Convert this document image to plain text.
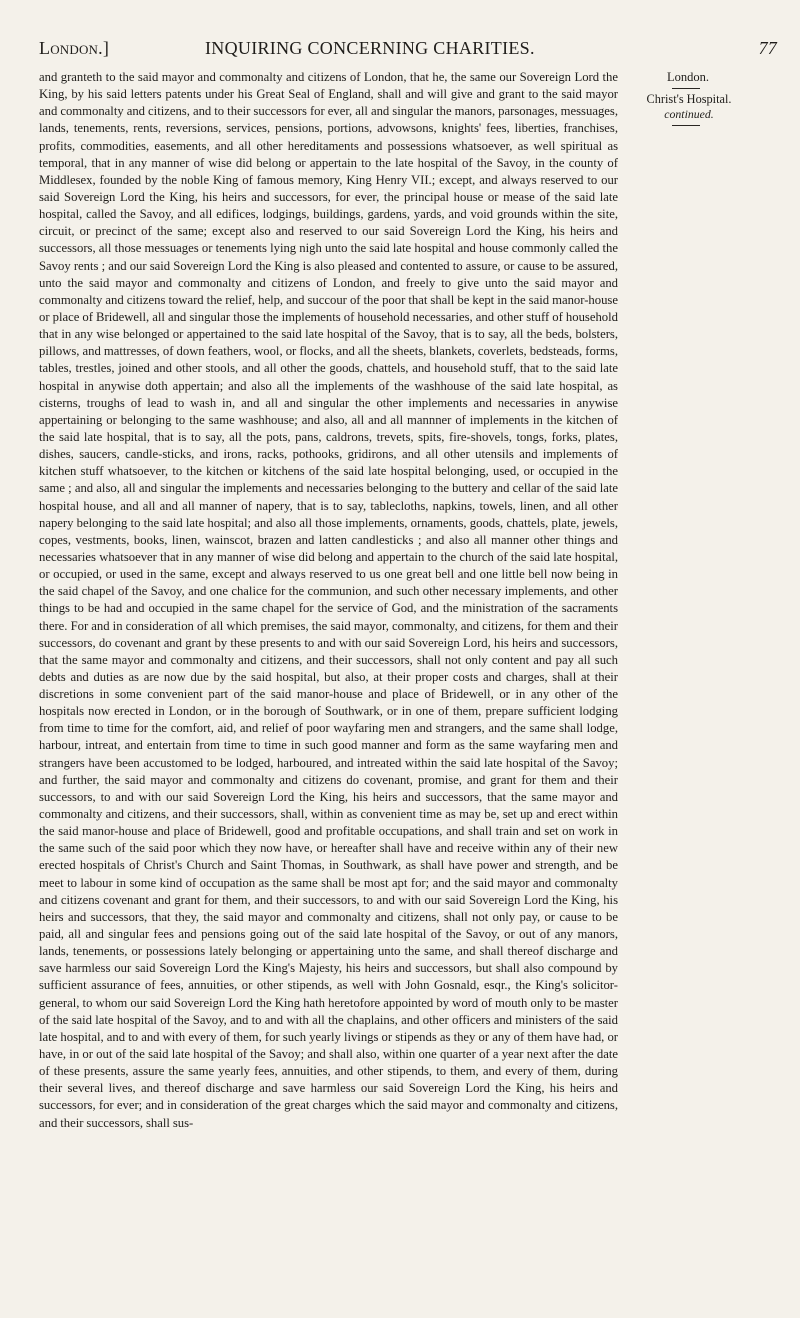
London.]	INQUIRING CONCERNING CHARITIES.	77

and granteth to the said mayor and commonalty and citizens of London, that he, the same our Sovereign Lord the King, by his said letters patents under his Great Seal of England, shall and will give and grant to the said mayor and commonalty and citizens, and to their successors for ever, all and singular the manors, parsonages, messuages, lands, tenements, rents, reversions, services, pensions, portions, advowsons, knights' fees, liberties, franchises, profits, commodities, easements, and all other hereditaments and possessions whatsoever, as well spiritual as temporal, that in any manner of wise did belong or appertain to the late hospital of the Savoy, in the county of Middlesex, founded by the noble King of famous memory, King Henry VII.; except, and always reserved to our said Sovereign Lord the King, his heirs and successors, for ever, the principal house or mease of the said late hospital, called the Savoy, and all edifices, lodgings, buildings, gardens, yards, and void grounds within the site, circuit, or precinct of the same; except also and reserved to our said Sovereign Lord the King, his heirs and successors, all those messuages or tenements lying nigh unto the said late hospital and house commonly called the Savoy rents ; and our said Sovereign Lord the King is also pleased and contented to assure, or cause to be assured, unto the said mayor and commonalty and citizens of London, and freely to give unto the said mayor and commonalty and citizens toward the relief, help, and succour of the poor that shall be kept in the said manor-house or place of Bridewell, all and singular those the implements of household necessaries, and other stuff of household that in any wise belonged or appertained to the said late hospital of the Savoy, that is to say, all the beds, bolsters, pillows, and mattresses, of down feathers, wool, or flocks, and all the sheets, blankets, coverlets, bedsteads, forms, tables, trestles, joined and other stools, and all other the goods, chattels, and household stuff, that to the said late hospital in anywise doth appertain; and also all the implements of the washhouse of the said late hospital, as cisterns, troughs of lead to wash in, and all and singular the other implements and necessaries in anywise appertaining or belonging to the same washhouse; and also, all and all mannner of implements in the kitchen of the said late hospital, that is to say, all the pots, pans, caldrons, trevets, spits, fire-shovels, tongs, forks, plates, dishes, saucers, candle-sticks, and irons, racks, pothooks, gridirons, and all other utensils and implements of kitchen stuff whatsoever, to the kitchen or kitchens of the said late hospital belonging, used, or occupied in the same ; and also, all and singular the implements and necessaries belonging to the buttery and cellar of the said late hospital house, and all and all manner of napery, that is to say, tablecloths, napkins, towels, linen, and all other napery belonging to the said late hospital; and also all those implements, ornaments, goods, chattels, plate, jewels, copes, vestments, books, linen, wainscot, brazen and latten candlesticks ; and also all manner other things and necessaries whatsoever that in any manner of wise did belong and appertain to the church of the said late hospital, or occupied, or used in the same, except and always reserved to us one great bell and one little bell now being in the said chapel of the Savoy, and one chalice for the communion, and such other necessary implements, and other things to be had and occupied in the same chapel for the service of God, and the ministration of the sacraments there. For and in consideration of all which premises, the said mayor, commonalty, and citizens, for them and their successors, do covenant and grant by these presents to and with our said Sovereign Lord, his heirs and successors, that the same mayor and commonalty and citizens, and their successors, shall not only content and pay all such debts and duties as are now due by the said hospital, but also, at their proper costs and charges, shall at their discretions in some convenient part of the said manor-house and place of Bridewell, or in any other of the hospitals now erected in London, or in the borough of Southwark, or in one of them, prepare sufficient lodging from time to time for the comfort, aid, and relief of poor wayfaring men and strangers, and the same shall lodge, harbour, intreat, and entertain from time to time in such good manner and form as the same wayfaring men and strangers have been accustomed to be lodged, harboured, and intreated within the said late hospital of the Savoy; and further, the said mayor and commonalty and citizens do covenant, promise, and grant for them and their successors, to and with our said Sovereign Lord the King, his heirs and successors, that the same mayor and commonalty and citizens, and their successors, shall, within as convenient time as may be, set up and erect within the said manor-house and place of Bridewell, good and profitable occupations, and shall train and set on work in the same such of the said poor which they now have, or hereafter shall have and receive within any of their new erected hospitals of Christ's Church and Saint Thomas, in Southwark, as shall have power and strength, and be meet to labour in some kind of occupation as the same shall be most apt for; and the said mayor and commonalty and citizens covenant and grant for them, and their successors, to and with our said Sovereign Lord the King, his heirs and successors, that they, the said mayor and commonalty and citizens, shall not only pay, or cause to be paid, all and singular fees and pensions going out of the said late hospital of the Savoy, or out of any manors, lands, tenements, or possessions lately belonging or appertaining unto the same, and shall thereof discharge and save harmless our said Sovereign Lord the King's Majesty, his heirs and successors, but shall also compound by sufficient assurance of fees, annuities, or other stipends, as well with John Gosnald, esqr., the King's solicitor-general, to whom our said Sovereign Lord the King hath heretofore appointed by word of mouth only to be master of the said late hospital of the Savoy, and to and with all the chaplains, and other officers and ministers of the said late hospital, and to and with every of them, for such yearly livings or stipends as they or any of them have had, or have, in or out of the said late hospital of the Savoy; and shall also, within one quarter of a year next after the date of these presents, assure the same yearly fees, annuities, and other stipends, to them, and every of them, during their several lives, and thereof discharge and save harmless our said Sovereign Lord the King, his heirs and successors, for ever; and in consideration of the great charges which the said mayor and commonalty and citizens, and their successors, shall sus-

London.
Christ's Hospital.
continued.
